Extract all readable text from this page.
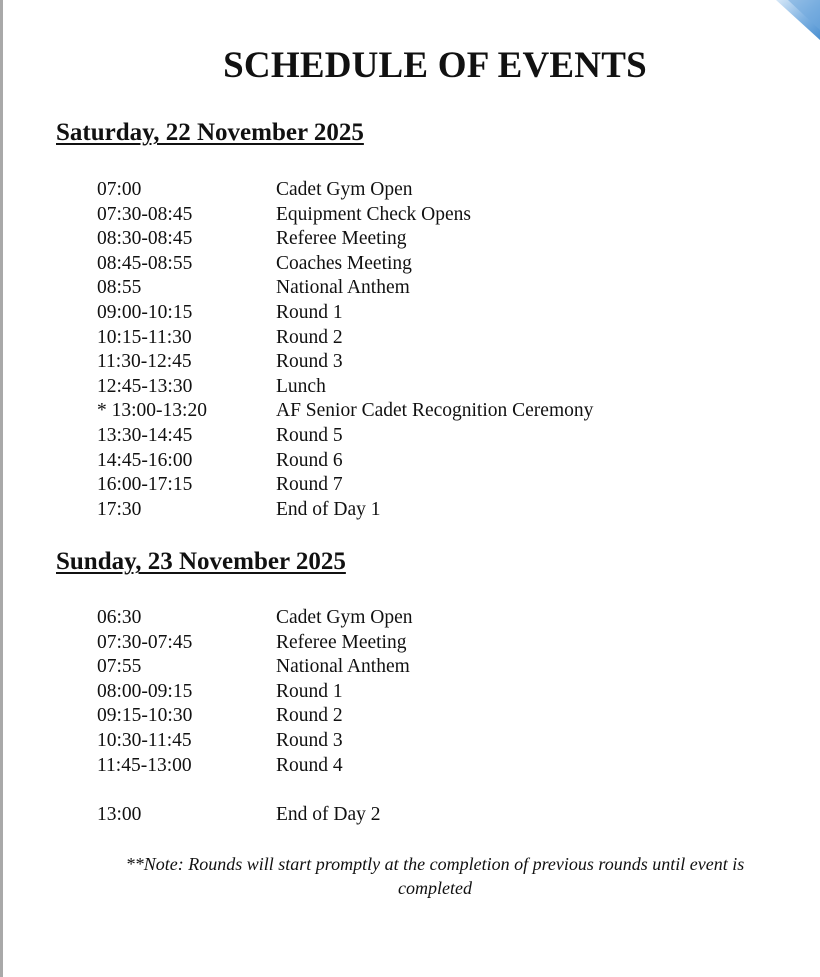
SCHEDULE OF EVENTS
Saturday, 22 November 2025
07:00	Cadet Gym Open
07:30-08:45	Equipment Check Opens
08:30-08:45	Referee Meeting
08:45-08:55	Coaches Meeting
08:55	National Anthem
09:00-10:15	Round 1
10:15-11:30	Round 2
11:30-12:45	Round 3
12:45-13:30	Lunch
* 13:00-13:20	AF Senior Cadet Recognition Ceremony
13:30-14:45	Round 5
14:45-16:00	Round 6
16:00-17:15	Round 7
17:30	End of Day 1
Sunday, 23 November 2025
06:30	Cadet Gym Open
07:30-07:45	Referee Meeting
07:55	National Anthem
08:00-09:15	Round 1
09:15-10:30	Round 2
10:30-11:45	Round 3
11:45-13:00	Round 4
13:00	End of Day 2
**Note: Rounds will start promptly at the completion of previous rounds until event is
completed
